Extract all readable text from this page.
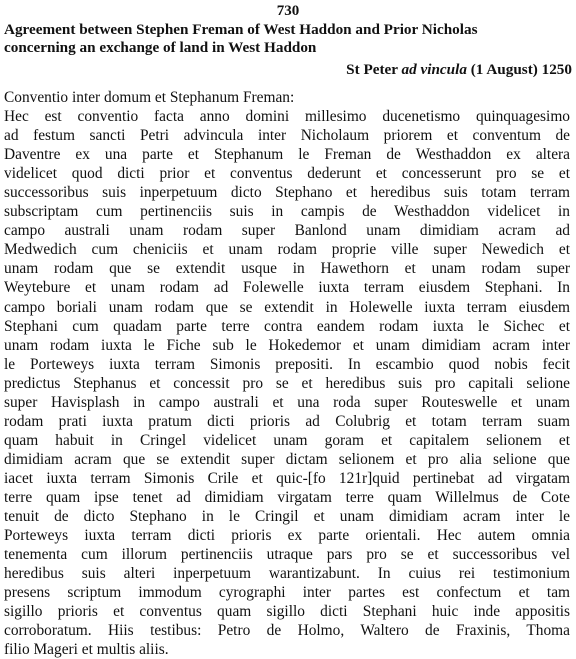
730
Agreement between Stephen Freman of West Haddon and Prior Nicholas
concerning an exchange of land in West Haddon
St Peter ad vincula (1 August) 1250
Conventio inter domum et Stephanum Freman:
Hec est conventio facta anno domini millesimo ducenetismo quinquagesimo
ad festum sancti Petri advincula inter Nicholaum priorem et conventum de
Daventre ex una parte et Stephanum le Freman de Westhaddon ex altera
videlicet quod dicti prior et conventus dederunt et concesserunt pro se et
successoribus suis inperpetuum dicto Stephano et heredibus suis totam terram
subscriptam cum pertinenciis suis in campis de Westhaddon videlicet in
campo australi unam rodam super Banlond unam dimidiam acram ad
Medwedich cum cheniciis et unam rodam proprie ville super Newedich et
unam rodam que se extendit usque in Hawethorn et unam rodam super
Weytebure et unam rodam ad Folewelle iuxta terram eiusdem Stephani. In
campo boriali unam rodam que se extendit in Holewelle iuxta terram eiusdem
Stephani cum quadam parte terre contra eandem rodam iuxta le Sichec et
unam rodam iuxta le Fiche sub le Hokedemor et unam dimidiam acram inter
le Porteweys iuxta terram Simonis prepositi. In escambio quod nobis fecit
predictus Stephanus et concessit pro se et heredibus suis pro capitali selione
super Havisplash in campo australi et una roda super Routeswelle et unam
rodam prati iuxta pratum dicti prioris ad Colubrig et totam terram suam
quam habuit in Cringel videlicet unam goram et capitalem selionem et
dimidiam acram que se extendit super dictam selionem et pro alia selione que
iacet iuxta terram Simonis Crile et quic-[fo 121r]quid pertinebat ad virgatam
terre quam ipse tenet ad dimidiam virgatam terre quam Willelmus de Cote
tenuit de dicto Stephano in le Cringil et unam dimidiam acram inter le
Porteweys iuxta terram dicti prioris ex parte orientali. Hec autem omnia
tenementa cum illorum pertinenciis utraque pars pro se et successoribus vel
heredibus suis alteri inperpetuum warantizabunt. In cuius rei testimonium
presens scriptum immodum cyrographi inter partes est confectum et tam
sigillo prioris et conventus quam sigillo dicti Stephani huic inde appositis
corroboratum. Hiis testibus: Petro de Holmo, Waltero de Fraxinis, Thoma
filio Mageri et multis aliis.
